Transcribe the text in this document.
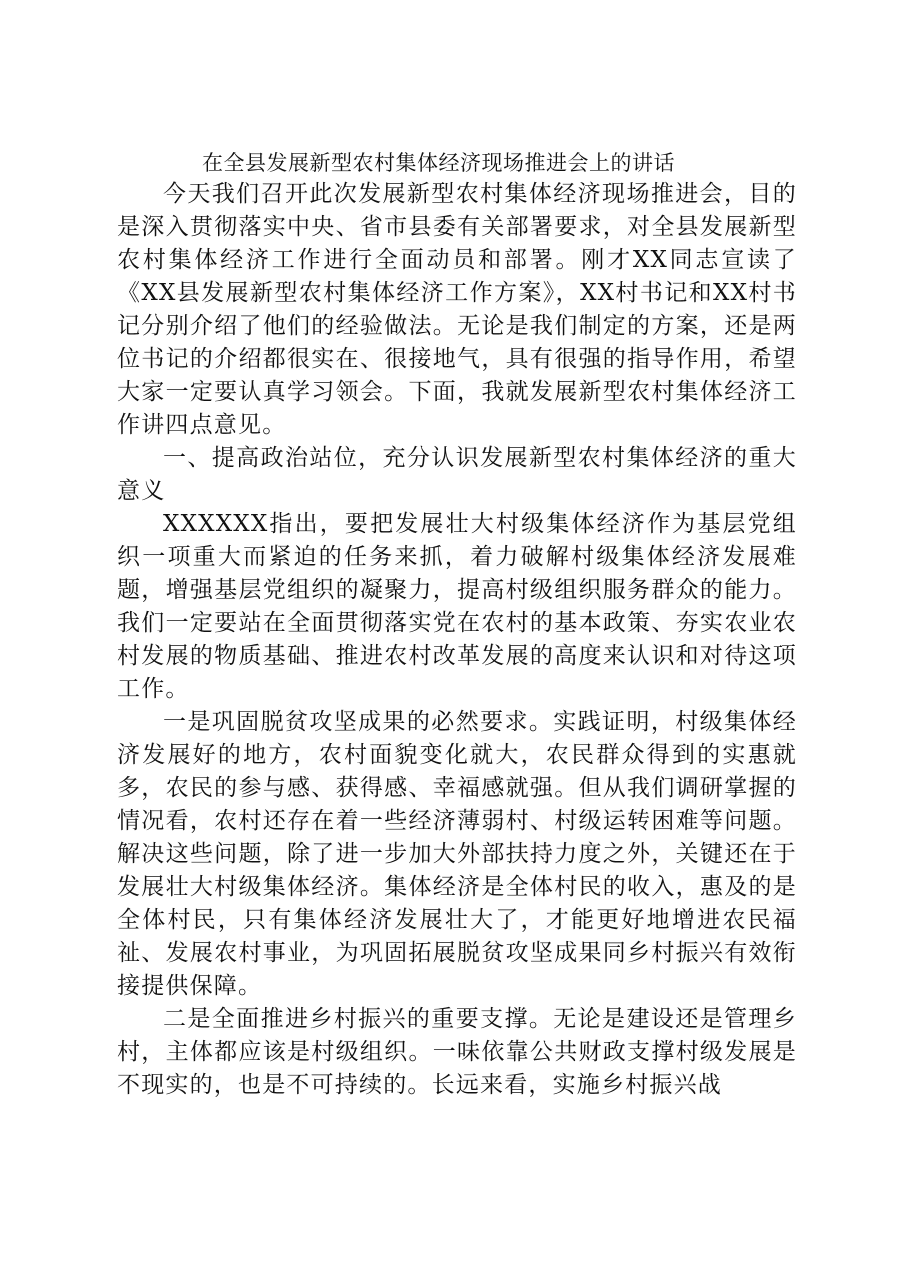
在全县发展新型农村集体经济现场推进会上的讲话

今天我们召开此次发展新型农村集体经济现场推进会，目的是深入贯彻落实中央、省市县委有关部署要求，对全县发展新型农村集体经济工作进行全面动员和部署。刚才XX同志宣读了《XX县发展新型农村集体经济工作方案》，XX村书记和XX村书记分别介绍了他们的经验做法。无论是我们制定的方案，还是两位书记的介绍都很实在、很接地气，具有很强的指导作用，希望大家一定要认真学习领会。下面，我就发展新型农村集体经济工作讲四点意见。

一、提高政治站位，充分认识发展新型农村集体经济的重大意义

XXXXXX指出，要把发展壮大村级集体经济作为基层党组织一项重大而紧迫的任务来抓，着力破解村级集体经济发展难题，增强基层党组织的凝聚力，提高村级组织服务群众的能力。我们一定要站在全面贯彻落实党在农村的基本政策、夯实农业农村发展的物质基础、推进农村改革发展的高度来认识和对待这项工作。

一是巩固脱贫攻坚成果的必然要求。实践证明，村级集体经济发展好的地方，农村面貌变化就大，农民群众得到的实惠就多，农民的参与感、获得感、幸福感就强。但从我们调研掌握的情况看，农村还存在着一些经济薄弱村、村级运转困难等问题。解决这些问题，除了进一步加大外部扶持力度之外，关键还在于发展壮大村级集体经济。集体经济是全体村民的收入，惠及的是全体村民，只有集体经济发展壮大了，才能更好地增进农民福祉、发展农村事业，为巩固拓展脱贫攻坚成果同乡村振兴有效衔接提供保障。

二是全面推进乡村振兴的重要支撑。无论是建设还是管理乡村，主体都应该是村级组织。一味依靠公共财政支撑村级发展是不现实的，也是不可持续的。长远来看，实施乡村振兴战
